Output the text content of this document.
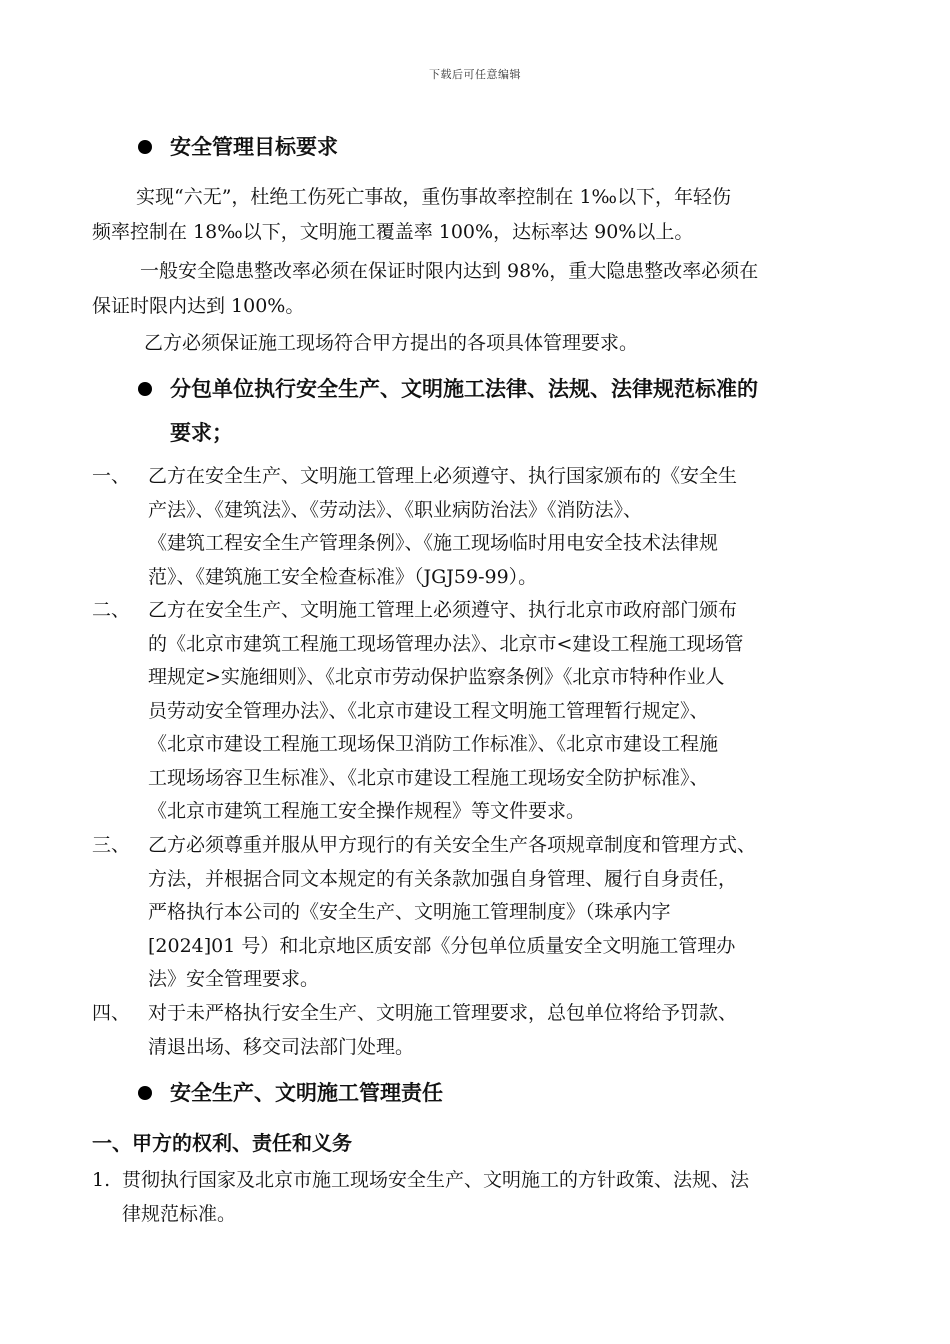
下载后可任意编辑
安全管理目标要求
实现“六无”，杜绝工伤死亡事故，重伤事故率控制在 1‰以下，年轻伤
频率控制在 18‰以下，文明施工覆盖率 100%，达标率达 90%以上。
一般安全隐患整改率必须在保证时限内达到 98%，重大隐患整改率必须在
保证时限内达到 100%。
乙方必须保证施工现场符合甲方提出的各项具体管理要求。
分包单位执行安全生产、文明施工法律、法规、法律规范标准的
要求；
一、 乙方在安全生产、文明施工管理上必须遵守、执行国家颁布的《安全生
产法》、《建筑法》、《劳动法》、《职业病防治法》《消防法》、
《建筑工程安全生产管理条例》、《施工现场临时用电安全技术法律规
范》、《建筑施工安全检查标准》（JGJ59-99）。
二、 乙方在安全生产、文明施工管理上必须遵守、执行北京市政府部门颁布
的《北京市建筑工程施工现场管理办法》、北京市<建设工程施工现场管
理规定>实施细则》、《北京市劳动保护监察条例》《北京市特种作业人
员劳动安全管理办法》、《北京市建设工程文明施工管理暂行规定》、
《北京市建设工程施工现场保卫消防工作标准》、《北京市建设工程施
工现场场容卫生标准》、《北京市建设工程施工现场安全防护标准》、
《北京市建筑工程施工安全操作规程》等文件要求。
三、 乙方必须尊重并服从甲方现行的有关安全生产各项规章制度和管理方式、
方法，并根据合同文本规定的有关条款加强自身管理、履行自身责任，
严格执行本公司的《安全生产、文明施工管理制度》（珠承内字
[2024]01 号）和北京地区质安部《分包单位质量安全文明施工管理办
法》安全管理要求。
四、 对于未严格执行安全生产、文明施工管理要求，总包单位将给予罚款、
清退出场、移交司法部门处理。
安全生产、文明施工管理责任
一、甲方的权利、责任和义务
1. 贯彻执行国家及北京市施工现场安全生产、文明施工的方针政策、法规、法
律规范标准。
